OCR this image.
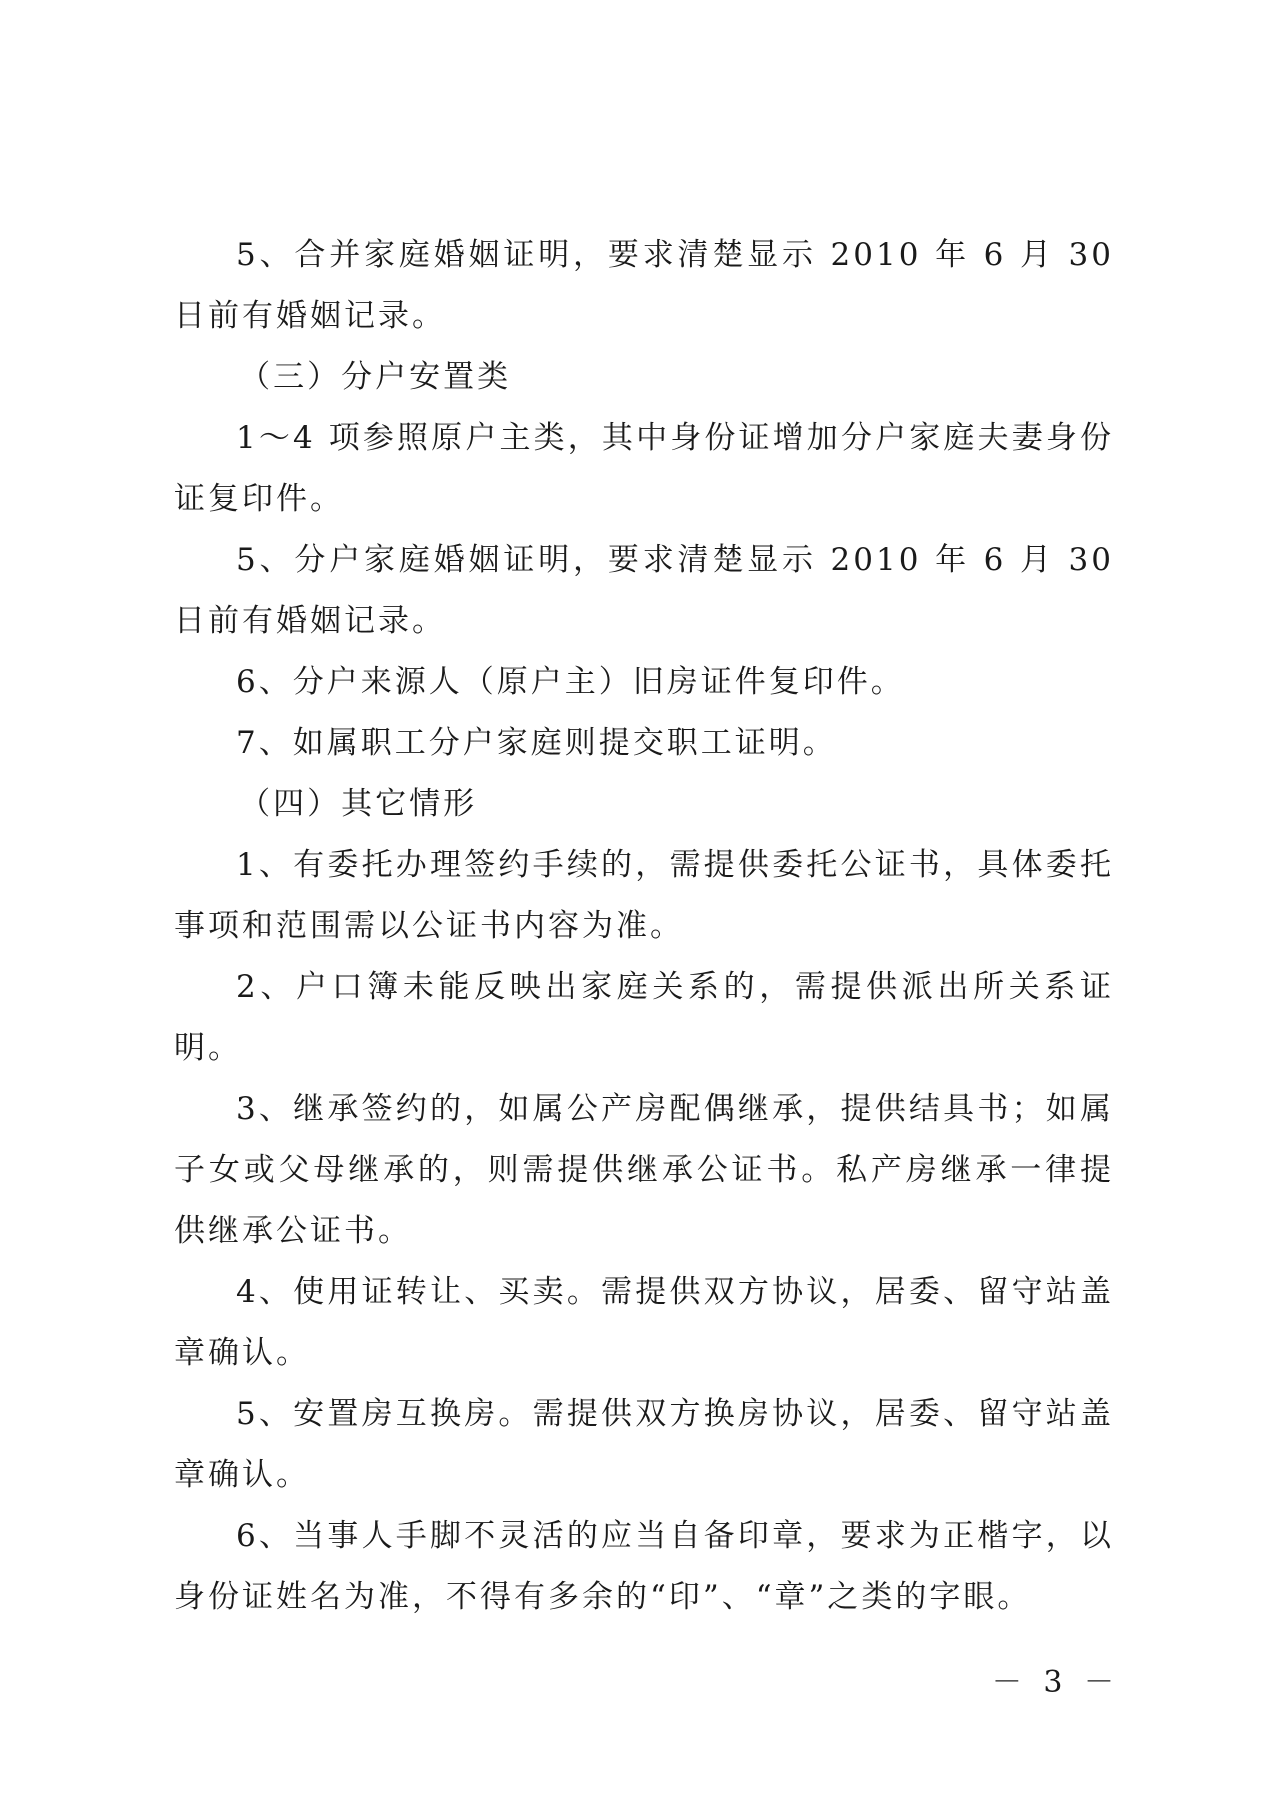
5、合并家庭婚姻证明，要求清楚显示 2010 年 6 月 30 日前有婚姻记录。

（三）分户安置类

1～4 项参照原户主类，其中身份证增加分户家庭夫妻身份证复印件。

5、分户家庭婚姻证明，要求清楚显示 2010 年 6 月 30 日前有婚姻记录。

6、分户来源人（原户主）旧房证件复印件。

7、如属职工分户家庭则提交职工证明。

（四）其它情形

1、有委托办理签约手续的，需提供委托公证书，具体委托事项和范围需以公证书内容为准。

2、户口簿未能反映出家庭关系的，需提供派出所关系证明。

3、继承签约的，如属公产房配偶继承，提供结具书；如属子女或父母继承的，则需提供继承公证书。私产房继承一律提供继承公证书。

4、使用证转让、买卖。需提供双方协议，居委、留守站盖章确认。

5、安置房互换房。需提供双方换房协议，居委、留守站盖章确认。

6、当事人手脚不灵活的应当自备印章，要求为正楷字，以身份证姓名为准，不得有多余的“印”、“章”之类的字眼。

－ 3 －
